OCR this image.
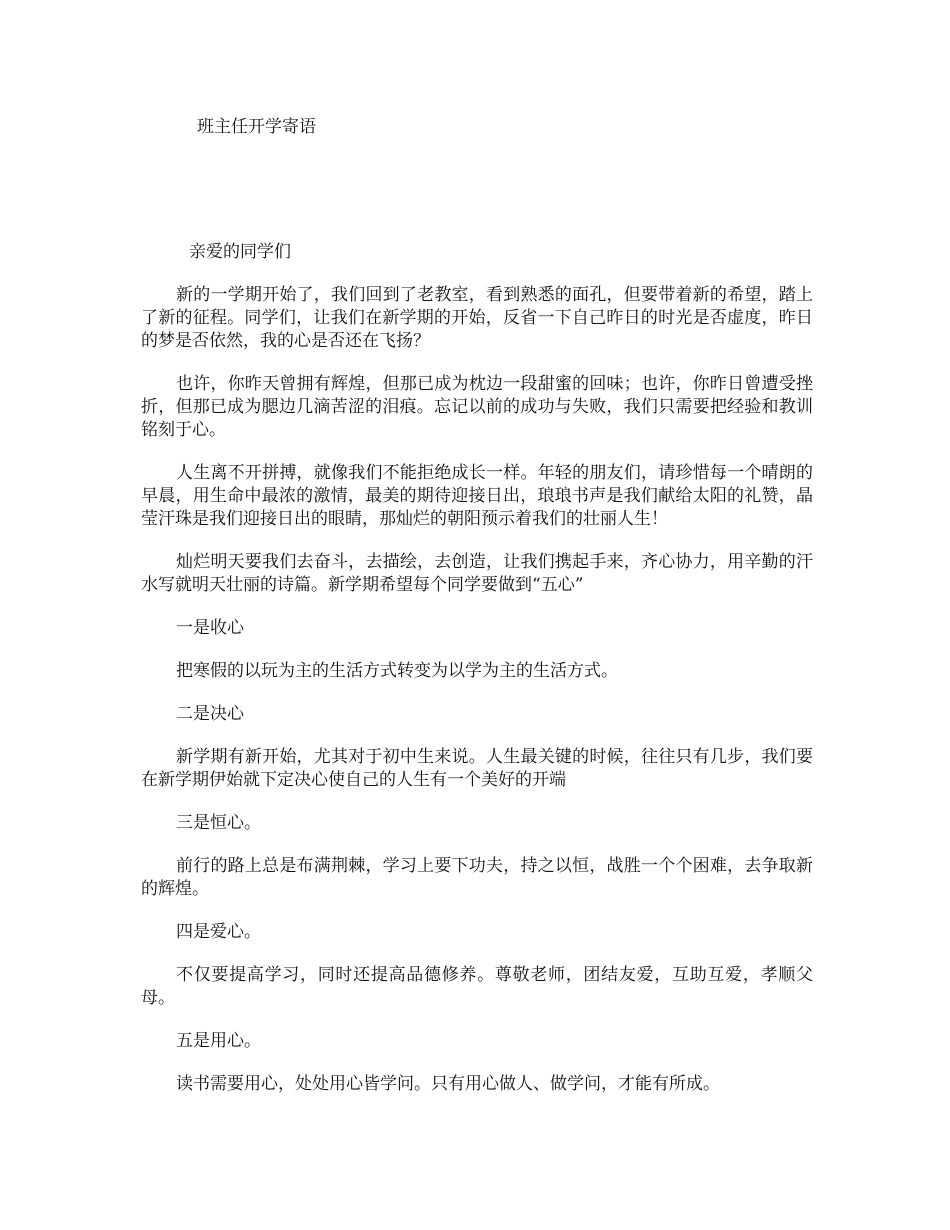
班主任开学寄语

亲爱的同学们

新的一学期开始了，我们回到了老教室，看到熟悉的面孔，但要带着新的希望，踏上了新的征程。同学们，让我们在新学期的开始，反省一下自己昨日的时光是否虚度，昨日的梦是否依然，我的心是否还在飞扬？

也许，你昨天曾拥有辉煌，但那已成为枕边一段甜蜜的回味；也许，你昨日曾遭受挫折，但那已成为腮边几滴苦涩的泪痕。忘记以前的成功与失败，我们只需要把经验和教训铭刻于心。

人生离不开拼搏，就像我们不能拒绝成长一样。年轻的朋友们，请珍惜每一个晴朗的早晨，用生命中最浓的激情，最美的期待迎接日出，琅琅书声是我们献给太阳的礼赞，晶莹汗珠是我们迎接日出的眼睛，那灿烂的朝阳预示着我们的壮丽人生！

灿烂明天要我们去奋斗，去描绘，去创造，让我们携起手来，齐心协力，用辛勤的汗水写就明天壮丽的诗篇。新学期希望每个同学要做到“五心”

一是收心

把寒假的以玩为主的生活方式转变为以学为主的生活方式。

二是决心

新学期有新开始，尤其对于初中生来说。人生最关键的时候，往往只有几步，我们要在新学期伊始就下定决心使自己的人生有一个美好的开端

三是恒心。

前行的路上总是布满荆棘，学习上要下功夫，持之以恒，战胜一个个困难，去争取新的辉煌。

四是爱心。

不仅要提高学习，同时还提高品德修养。尊敬老师，团结友爱，互助互爱，孝顺父母。

五是用心。

读书需要用心，处处用心皆学问。只有用心做人、做学问，才能有所成。
